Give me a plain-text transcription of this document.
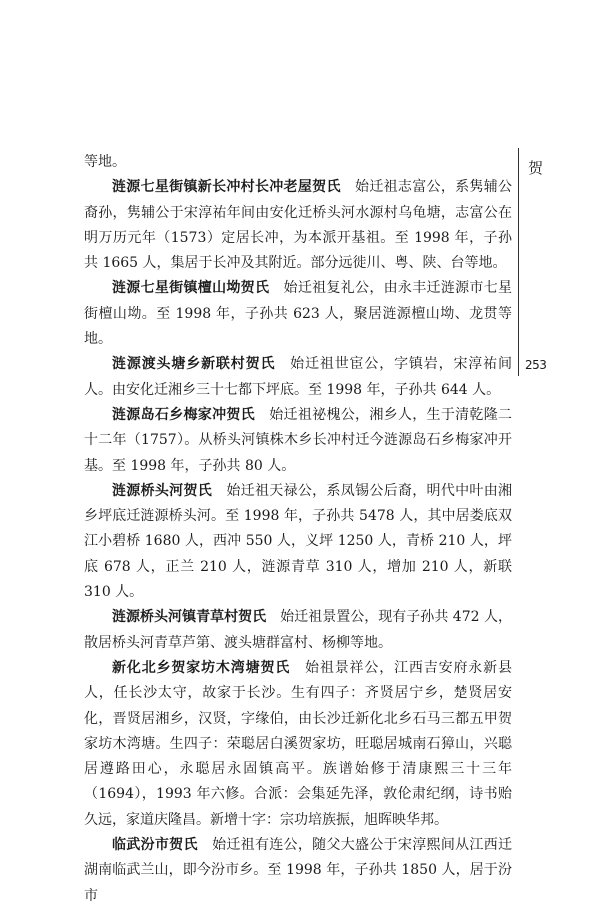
贺
253

等地。

涟源七星街镇新长冲村长冲老屋贺氏　始迁祖志富公，系隽辅公裔孙，隽辅公于宋淳祐年间由安化迁桥头河水源村乌龟塘，志富公在明万历元年（1573）定居长冲，为本派开基祖。至 1998 年，子孙共 1665 人，集居于长冲及其附近。部分远徙川、粤、陕、台等地。

涟源七星街镇檀山坳贺氏　始迁祖复礼公，由永丰迁涟源市七星街檀山坳。至 1998 年，子孙共 623 人，聚居涟源檀山坳、龙贯等地。

涟源渡头塘乡新联村贺氏　始迁祖世宦公，字镇岩，宋淳祐间人。由安化迁湘乡三十七都下坪底。至 1998 年，子孙共 644 人。

涟源岛石乡梅家冲贺氏　始迁祖祕槐公，湘乡人，生于清乾隆二十二年（1757）。从桥头河镇株木乡长冲村迁今涟源岛石乡梅家冲开基。至 1998 年，子孙共 80 人。

涟源桥头河贺氏　始迁祖天禄公，系凤锡公后裔，明代中叶由湘乡坪底迁涟源桥头河。至 1998 年，子孙共 5478 人，其中居娄底双江小碧桥 1680 人，西冲 550 人，义坪 1250 人，青桥 210 人，坪底 678 人，正兰 210 人，涟源青草 310 人，增加 210 人，新联 310 人。

涟源桥头河镇青草村贺氏　始迁祖景置公，现有子孙共 472 人，散居桥头河青草芦第、渡头塘群富村、杨柳等地。

新化北乡贺家坊木湾塘贺氏　始祖景祥公，江西吉安府永新县人，任长沙太守，故家于长沙。生有四子：齐贤居宁乡，楚贤居安化，晋贤居湘乡，汉贤，字缘伯，由长沙迁新化北乡石马三都五甲贺家坊木湾塘。生四子：荣聪居白溪贺家坊，旺聪居城南石獐山，兴聪居遵路田心，永聪居永固镇高平。族谱始修于清康熙三十三年（1694），1993 年六修。合派：会集延先泽，敦伦肃纪纲，诗书贻久远，家道庆隆昌。新增十字：宗功培族振，旭晖映华邦。

临武汾市贺氏　始迁祖有连公，随父大盛公于宋淳熙间从江西迁湖南临武兰山，即今汾市乡。至 1998 年，子孙共 1850 人，居于汾市
